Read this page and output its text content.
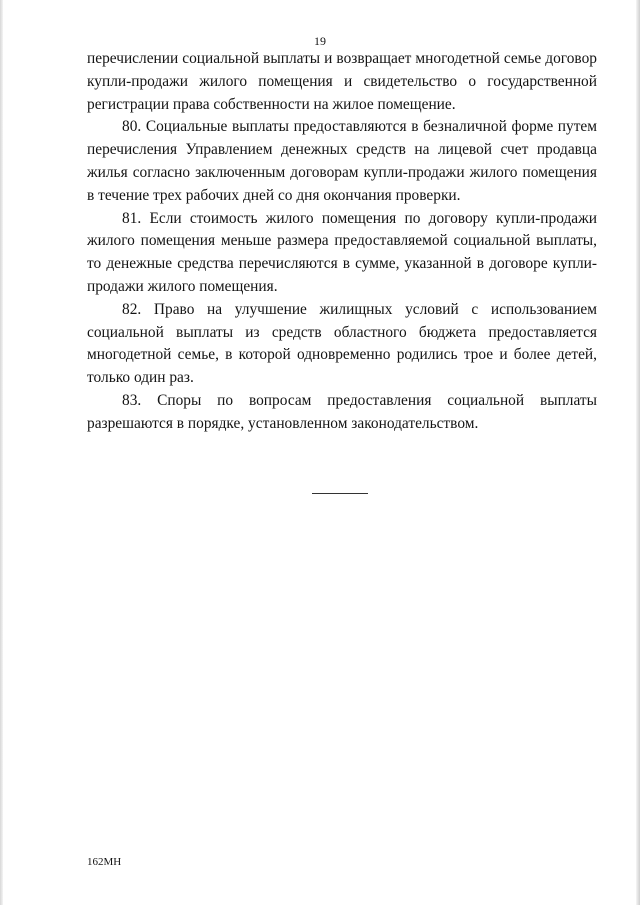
19

перечислении социальной выплаты и возвращает многодетной семье договор купли-продажи жилого помещения и свидетельство о государственной регистрации права собственности на жилое помещение.

80. Социальные выплаты предоставляются в безналичной форме путем перечисления Управлением денежных средств на лицевой счет продавца жилья согласно заключенным договорам купли-продажи жилого помещения в течение трех рабочих дней со дня окончания проверки.

81. Если стоимость жилого помещения по договору купли-продажи жилого помещения меньше размера предоставляемой социальной выплаты, то денежные средства перечисляются в сумме, указанной в договоре купли-продажи жилого помещения.

82. Право на улучшение жилищных условий с использованием социальной выплаты из средств областного бюджета предоставляется многодетной семье, в которой одновременно родились трое и более детей, только один раз.

83. Споры по вопросам предоставления социальной выплаты разрешаются в порядке, установленном законодательством.

162МН
